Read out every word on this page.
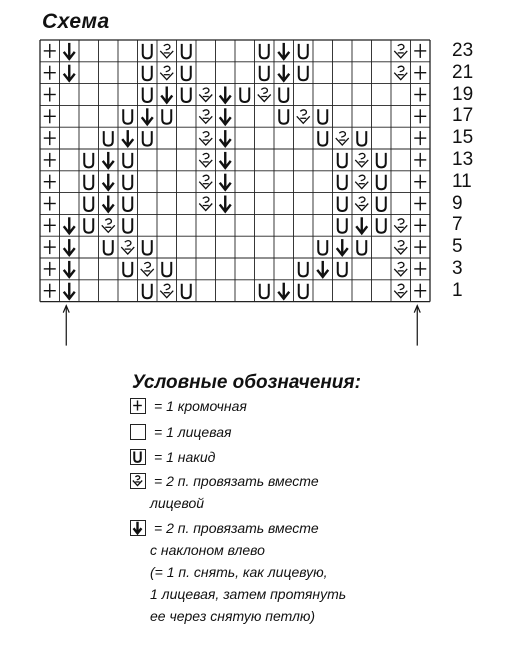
Схема
23
21
19
17
15
13
11
9
7
5
3
1
Условные обозначения:
= 1 кромочная
= 1 лицевая
= 1 накид
= 2 п. провязать вместе
лицевой
= 2 п. провязать вместе
с наклоном влево
(= 1 п. снять, как лицевую,
1 лицевая, затем протянуть
ее через снятую петлю)
